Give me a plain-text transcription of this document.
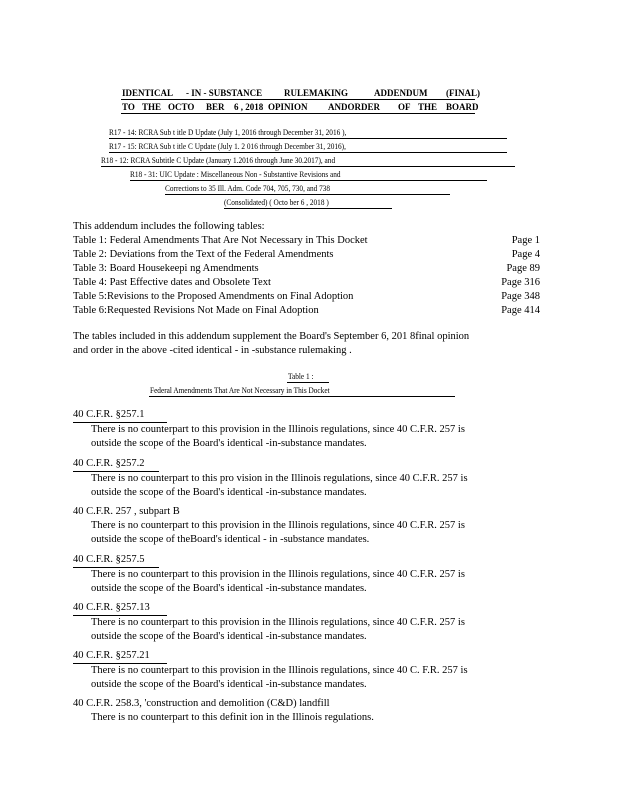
IDENTICAL - IN - SUBSTANCE RULEMAKING	ADDENDUM (FINAL)
TO THE OCTO BER 6 , 2018 OPINION ANDORDER OF THE BOARD
R17 - 14: RCRA Sub t itle D Update (July 1, 2016 through December 31, 2016 ),
R17 - 15: RCRA Sub t itle C Update (July 1. 2 016 through December 31, 2016),
R18 - 12: RCRA Subtitle C Update (January 1.2016 through June 30.2017), and
R18 - 31: UIC Update : Miscellaneous Non - Substantive Revisions and
Corrections to 35 Ill. Adm. Code 704, 705, 730, and 738
(Consolidated) ( Octo ber 6 , 2018 )
This addendum includes the following tables:
Table 1: Federal Amendments That Are Not Necessary in This Docket	Page 1
Table 2: Deviations from the Text of the Federal Amendments	Page 4
Table 3: Board Housekeepi ng Amendments	Page 89
Table 4: Past Effective dates and Obsolete Text	Page 316
Table 5:Revisions to the Proposed Amendments on Final Adoption	Page 348
Table 6:Requested Revisions Not Made on Final Adoption	Page 414
The tables included in this addendum supplement the Board's September 6, 201 8final opinion
and order in the above -cited identical - in -substance rulemaking .
Table 1 :
Federal Amendments That Are Not Necessary in This Docket
40 C.F.R. §257.1
There is no counterpart to this provision in the Illinois regulations, since 40 C.F.R. 257 is
outside the scope of the Board's identical -in-substance mandates.
40 C.F.R. §257.2
There is no counterpart to this pro vision in the Illinois regulations, since 40 C.F.R. 257 is
outside the scope of the Board's identical -in-substance mandates.
40 C.F.R. 257 , subpart B
There is no counterpart to this provision in the Illinois regulations, since 40 C.F.R. 257 is
outside the scope of theBoard's identical - in -substance mandates.
40 C.F.R. §257.5
There is no counterpart to this provision in the Illinois regulations, since 40 C.F.R. 257 is
outside the scope of the Board's identical -in-substance mandates.
40 C.F.R. §257.13
There is no counterpart to this provision in the Illinois regulations, since 40 C.F.R. 257 is
outside the scope of the Board's identical -in-substance mandates.
40 C.F.R. §257.21
There is no counterpart to this provision in the Illinois regulations, since 40 C. F.R. 257 is
outside the scope of the Board's identical -in-substance mandates.
40 C.F.R. 258.3, 'construction and demolition (C&D) landfill
There is no counterpart to this definit ion in the Illinois regulations.
